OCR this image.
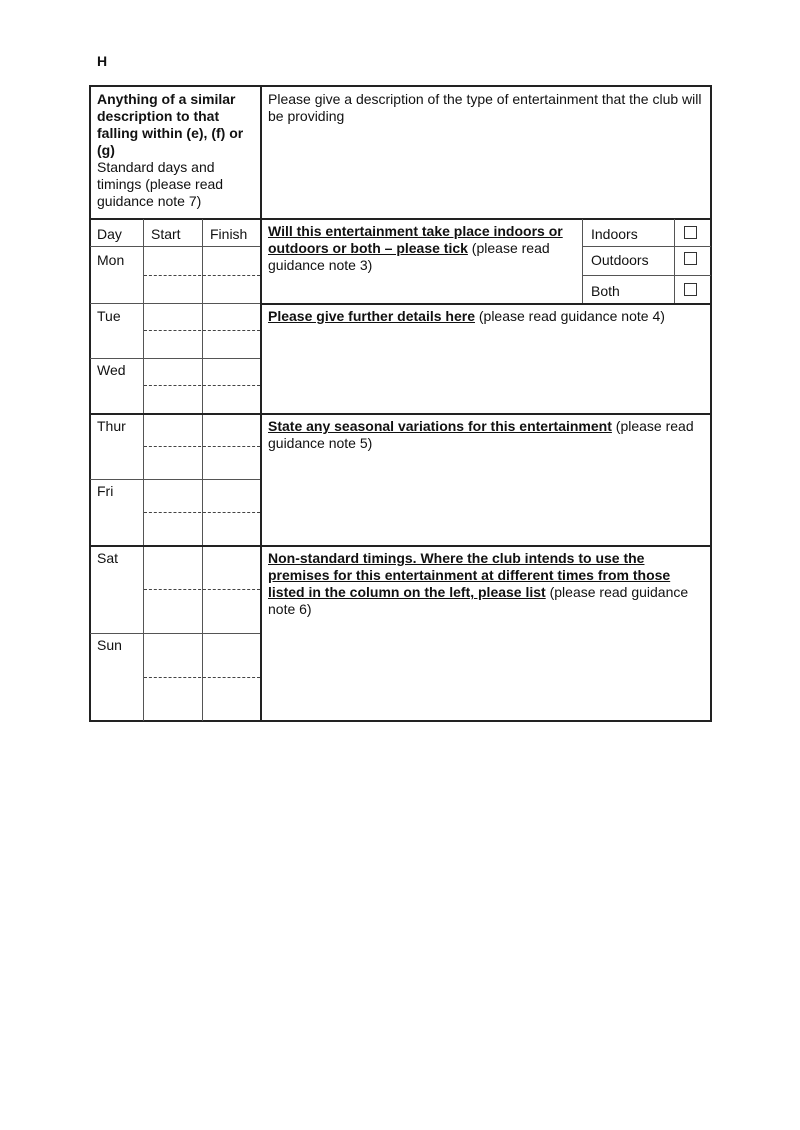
H
Anything of a similar description to that falling within (e), (f) or (g)
Standard days and timings (please read guidance note 7)
Please give a description of the type of entertainment that the club will be providing
Day Start Finish
Mon
Tue
Wed
Thur
Fri
Sat
Sun
Will this entertainment take place indoors or outdoors or both – please tick (please read guidance note 3)
Indoors
Outdoors
Both
Please give further details here (please read guidance note 4)
State any seasonal variations for this entertainment (please read guidance note 5)
Non-standard timings. Where the club intends to use the premises for this entertainment at different times from those listed in the column on the left, please list (please read guidance note 6)
